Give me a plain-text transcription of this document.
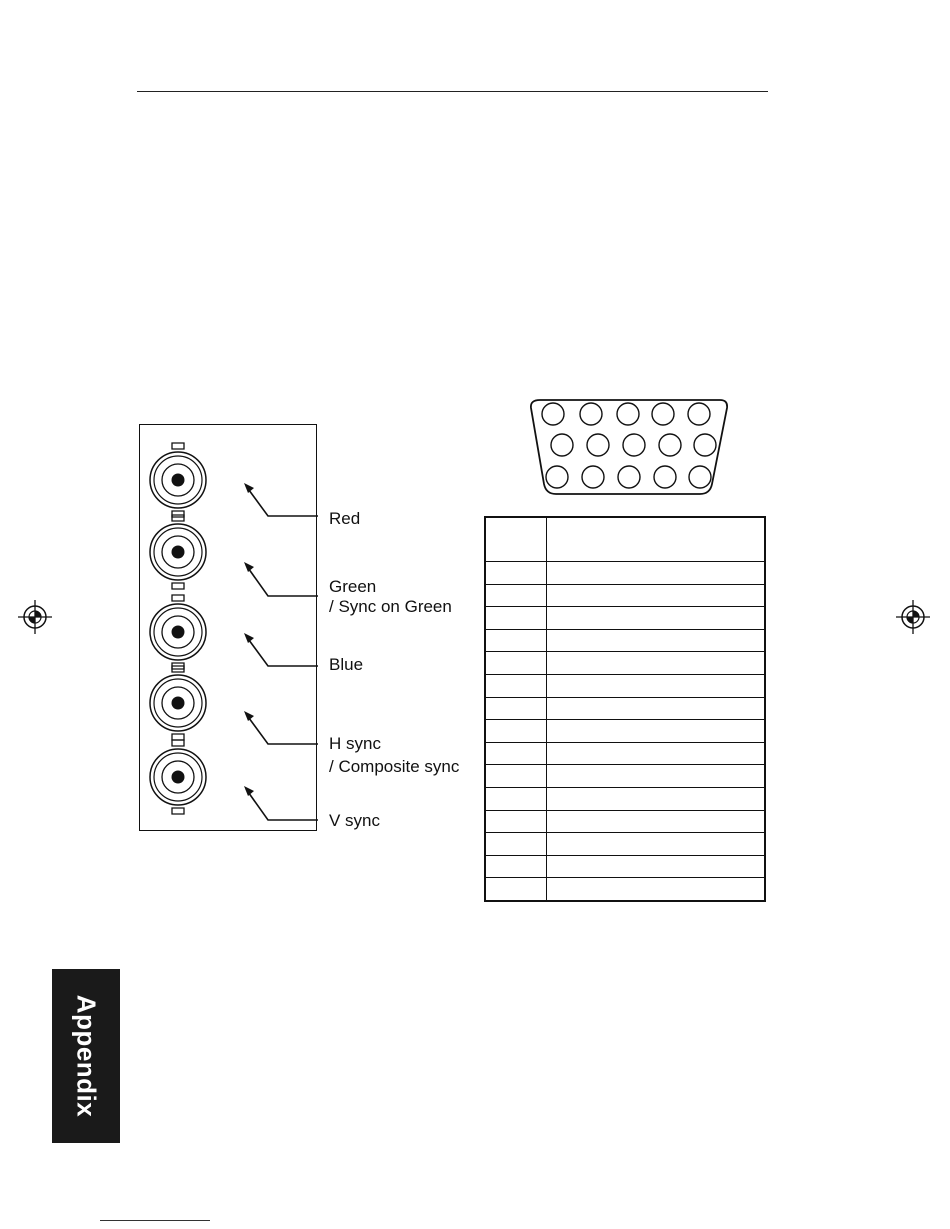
Red
Green
/ Sync on Green
Blue
H sync
/ Composite sync
V sync

Appendix
